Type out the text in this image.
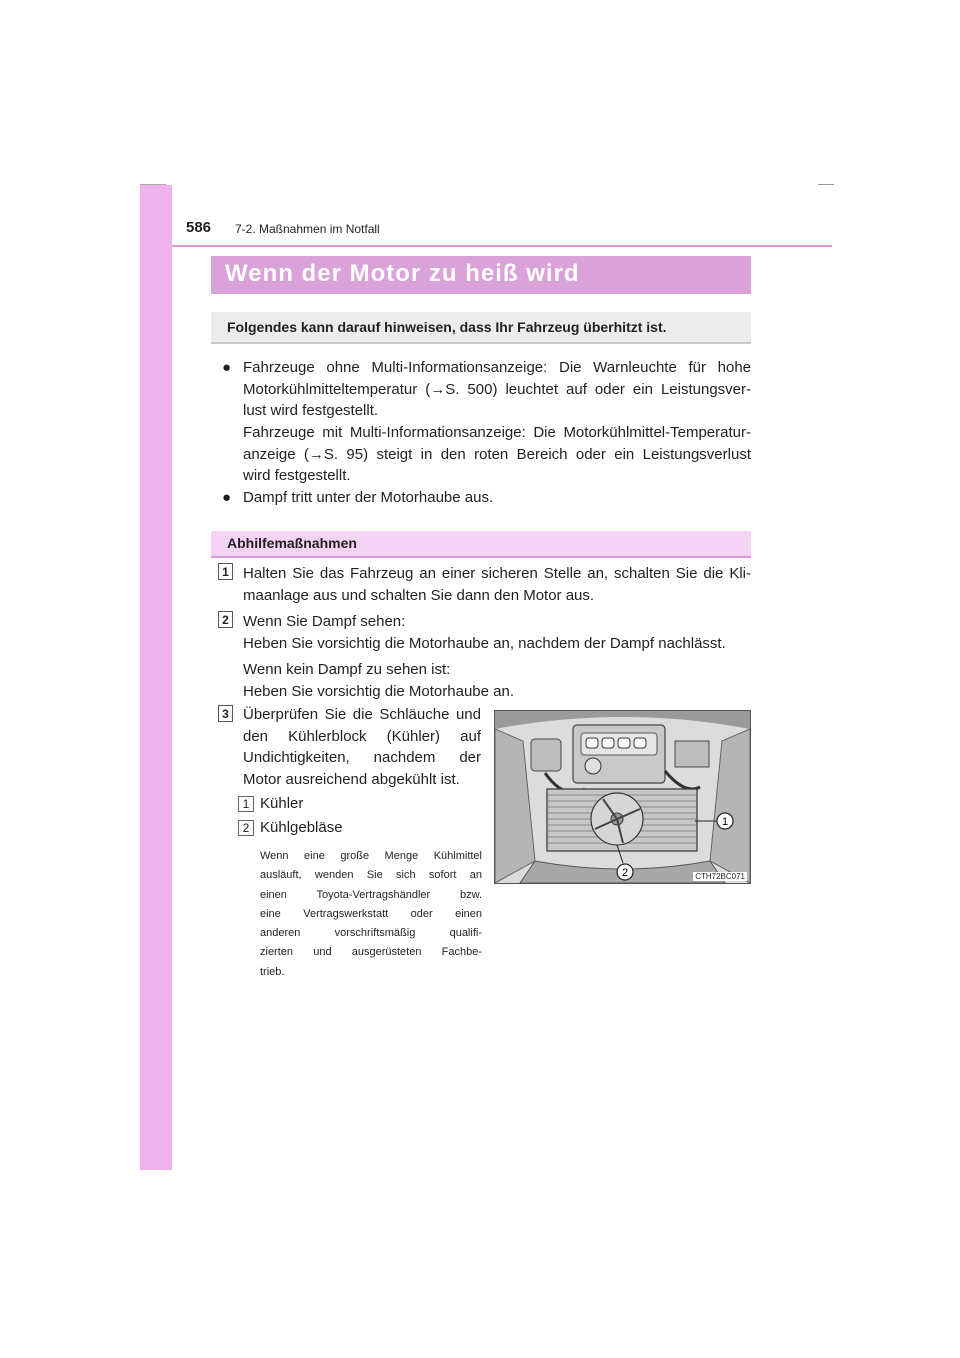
586 7-2. Maßnahmen im Notfall
Wenn der Motor zu heiß wird
Folgendes kann darauf hinweisen, dass Ihr Fahrzeug überhitzt ist.
● Fahrzeuge ohne Multi-Informationsanzeige: Die Warnleuchte für hohe
Motorkühlmitteltemperatur (→S. 500) leuchtet auf oder ein Leistungsver-
lust wird festgestellt.
Fahrzeuge mit Multi-Informationsanzeige: Die Motorkühlmittel-Temperatur-
anzeige (→S. 95) steigt in den roten Bereich oder ein Leistungsverlust
wird festgestellt.
● Dampf tritt unter der Motorhaube aus.
Abhilfemaßnahmen
1 Halten Sie das Fahrzeug an einer sicheren Stelle an, schalten Sie die Kli-
maanlage aus und schalten Sie dann den Motor aus.
2 Wenn Sie Dampf sehen:
Heben Sie vorsichtig die Motorhaube an, nachdem der Dampf nachlässt.
Wenn kein Dampf zu sehen ist:
Heben Sie vorsichtig die Motorhaube an.
3 Überprüfen Sie die Schläuche und
den Kühlerblock (Kühler) auf
Undichtigkeiten, nachdem der
Motor ausreichend abgekühlt ist.
1 Kühler
2 Kühlgebläse
Wenn eine große Menge Kühlmittel
ausläuft, wenden Sie sich sofort an
einen Toyota-Vertragshändler bzw.
eine Vertragswerkstatt oder einen
anderen vorschriftsmäßig qualifi-
zierten und ausgerüsteten Fachbe-
trieb.
1
2	CTH72BC071
